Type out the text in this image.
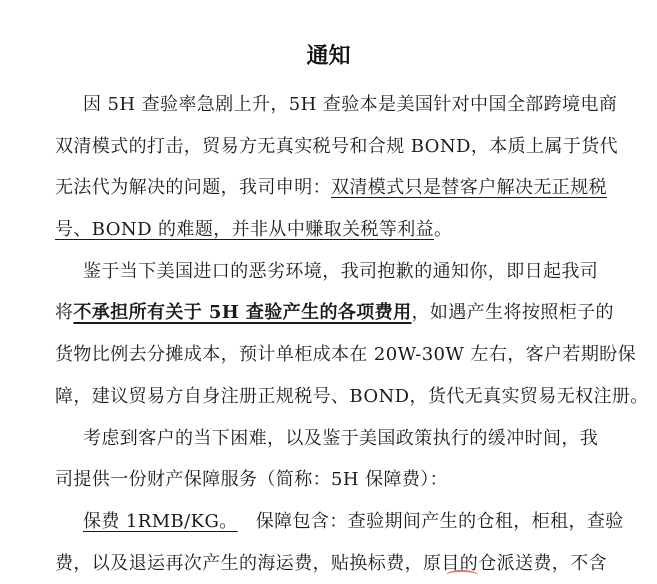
通知
因 5H 查验率急剧上升，5H 查验本是美国针对中国全部跨境电商
双清模式的打击，贸易方无真实税号和合规 BOND，本质上属于货代
无法代为解决的问题，我司申明：双清模式只是替客户解决无正规税
号、BOND 的难题，并非从中赚取关税等利益。
鉴于当下美国进口的恶劣环境，我司抱歉的通知你，即日起我司
将不承担所有关于 5H 查验产生的各项费用，如遇产生将按照柜子的
货物比例去分摊成本，预计单柜成本在 20W-30W 左右，客户若期盼保
障，建议贸易方自身注册正规税号、BOND，货代无真实贸易无权注册。
考虑到客户的当下困难，以及鉴于美国政策执行的缓冲时间，我
司提供一份财产保障服务（简称：5H 保障费）：
保费 1RMB/KG。 保障包含：查验期间产生的仓租，柜租，查验
费，以及退运再次产生的海运费，贴换标费，原目的仓派送费，不含
